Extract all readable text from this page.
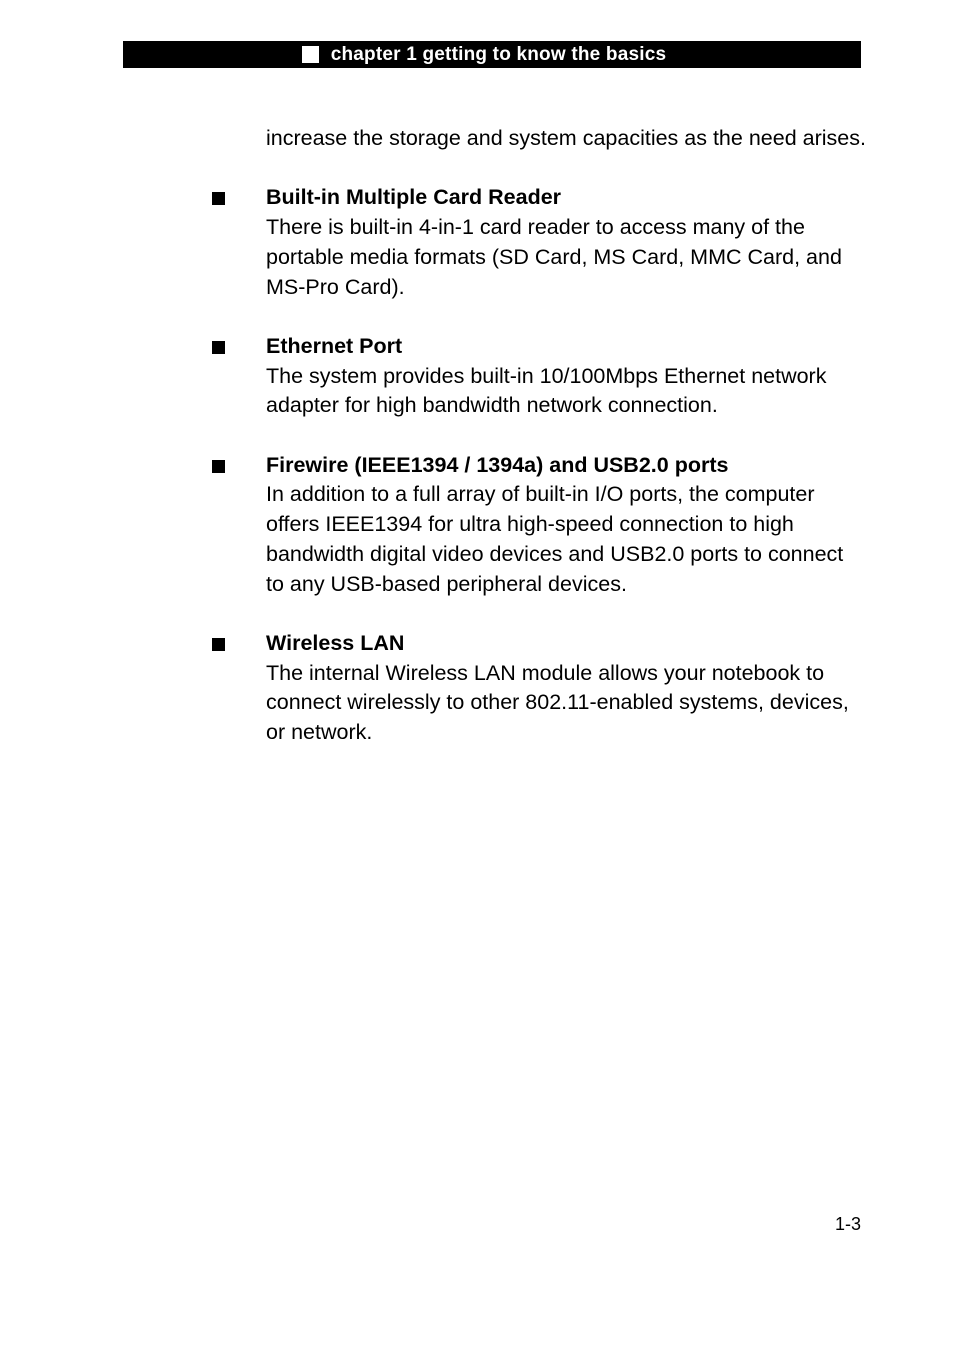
chapter 1 getting to know the basics

increase the storage and system capacities as the need arises.

Built-in Multiple Card Reader
There is built-in 4-in-1 card reader to access many of the portable media formats (SD Card, MS Card, MMC Card, and MS-Pro Card).
Ethernet Port
The system provides built-in 10/100Mbps Ethernet network adapter for high bandwidth network connection.
Firewire (IEEE1394 / 1394a) and USB2.0 ports
In addition to a full array of built-in I/O ports, the computer offers IEEE1394 for ultra high-speed connection to high bandwidth digital video devices and USB2.0 ports to connect to any USB-based peripheral devices.
Wireless LAN
The internal Wireless LAN module allows your notebook to connect wirelessly to other 802.11-enabled systems, devices, or network.
1-3
